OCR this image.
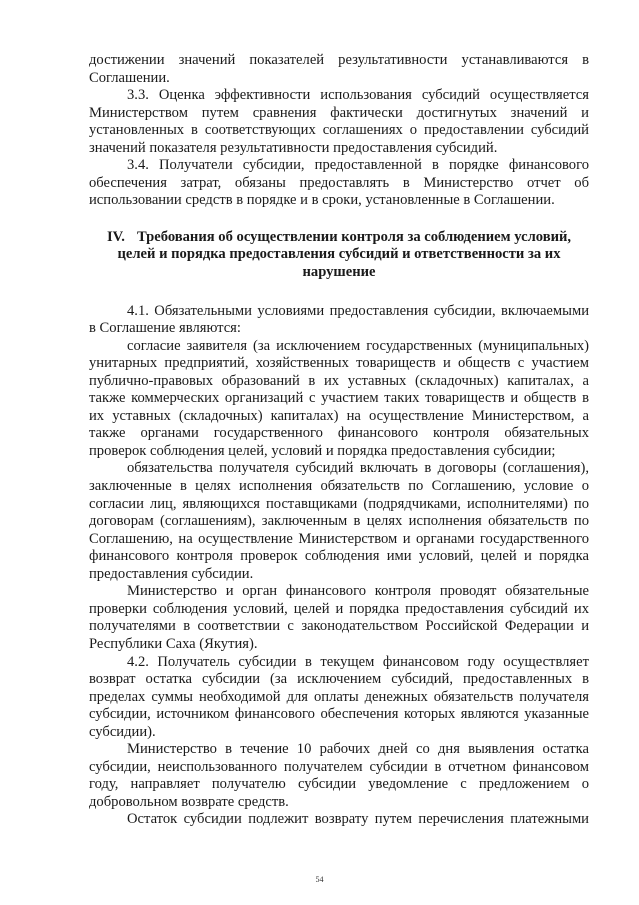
достижении значений показателей результативности устанавливаются в Соглашении.

3.3. Оценка эффективности использования субсидий осуществляется Министерством путем сравнения фактически достигнутых значений и установленных в соответствующих соглашениях о предоставлении субсидий значений показателя результативности предоставления субсидий.

3.4. Получатели субсидии, предоставленной в порядке финансового обеспечения затрат, обязаны предоставлять в Министерство отчет об использовании средств в порядке и в сроки, установленные в Соглашении.

IV. Требования об осуществлении контроля за соблюдением условий, целей и порядка предоставления субсидий и ответственности за их нарушение

4.1. Обязательными условиями предоставления субсидии, включаемыми в Соглашение являются:

согласие заявителя (за исключением государственных (муниципальных) унитарных предприятий, хозяйственных товариществ и обществ с участием публично-правовых образований в их уставных (складочных) капиталах, а также коммерческих организаций с участием таких товариществ и обществ в их уставных (складочных) капиталах) на осуществление Министерством, а также органами государственного финансового контроля обязательных проверок соблюдения целей, условий и порядка предоставления субсидии;

обязательства получателя субсидий включать в договоры (соглашения), заключенные в целях исполнения обязательств по Соглашению, условие о согласии лиц, являющихся поставщиками (подрядчиками, исполнителями) по договорам (соглашениям), заключенным в целях исполнения обязательств по Соглашению, на осуществление Министерством и органами государственного финансового контроля проверок соблюдения ими условий, целей и порядка предоставления субсидии.

Министерство и орган финансового контроля проводят обязательные проверки соблюдения условий, целей и порядка предоставления субсидий их получателями в соответствии с законодательством Российской Федерации и Республики Саха (Якутия).

4.2. Получатель субсидии в текущем финансовом году осуществляет возврат остатка субсидии (за исключением субсидий, предоставленных в пределах суммы необходимой для оплаты денежных обязательств получателя субсидии, источником финансового обеспечения которых являются указанные субсидии).

Министерство в течение 10 рабочих дней со дня выявления остатка субсидии, неиспользованного получателем субсидии в отчетном финансовом году, направляет получателю субсидии уведомление с предложением о добровольном возврате средств.

Остаток субсидии подлежит возврату путем перечисления платежными

54
